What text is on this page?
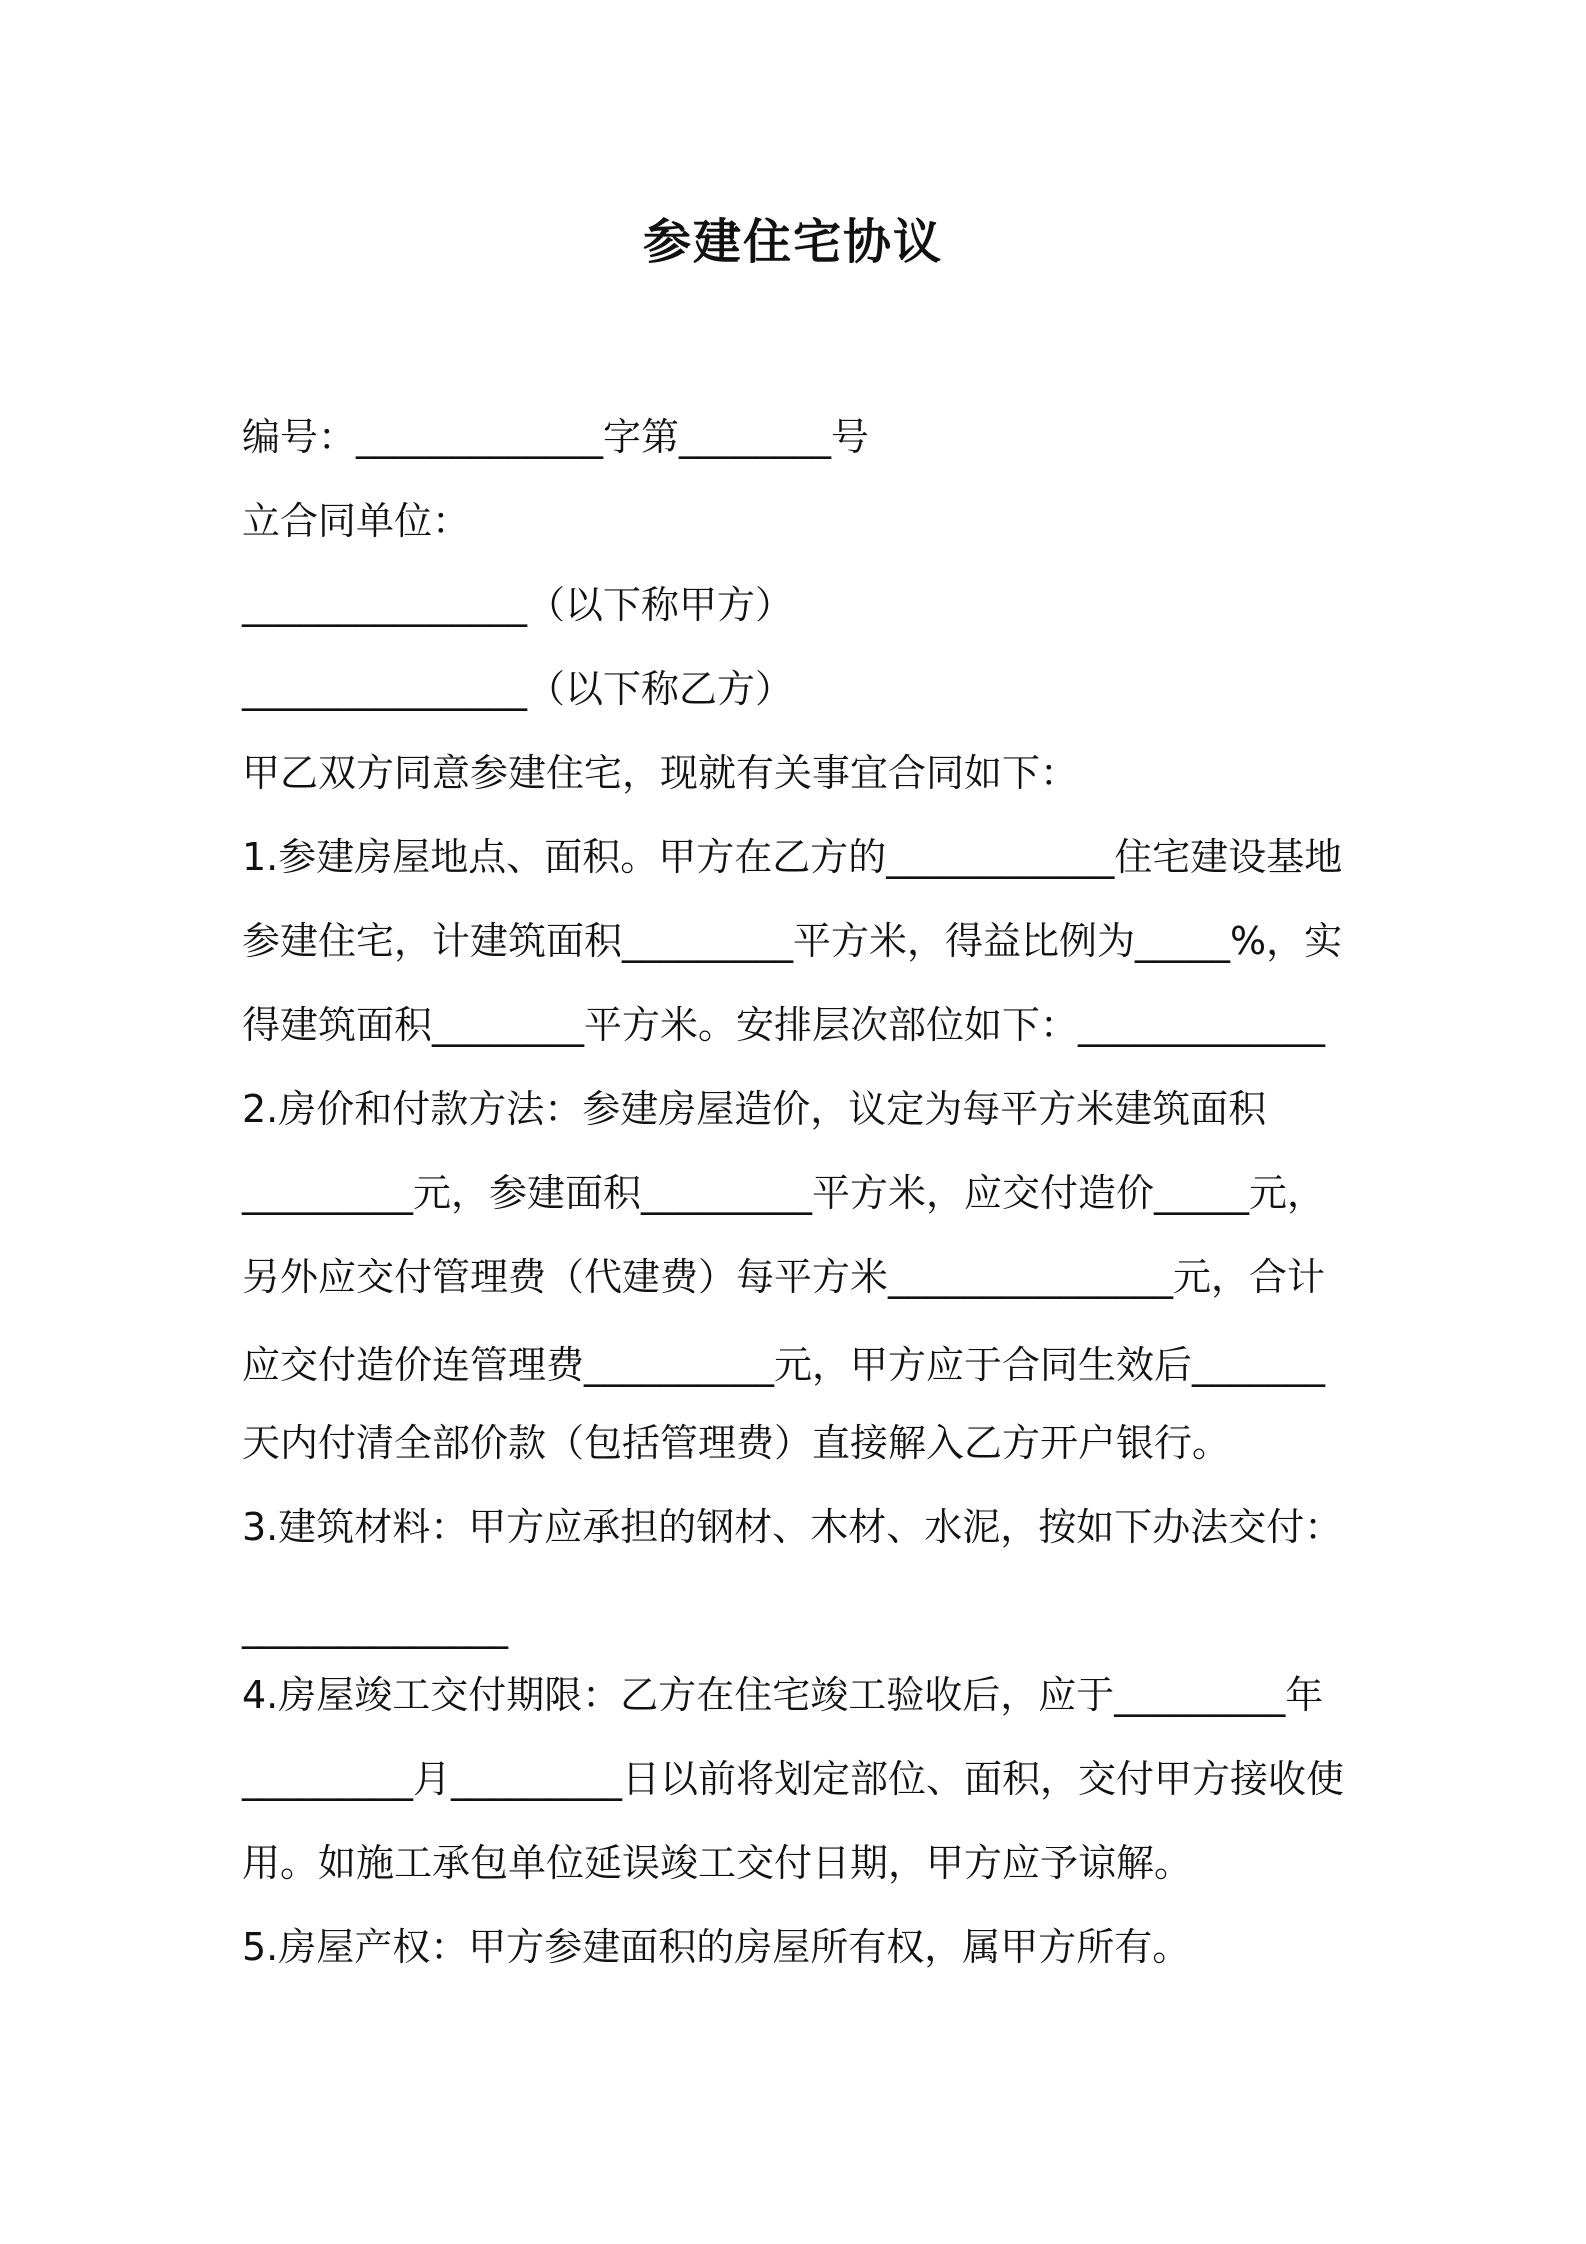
参建住宅协议
编号：_____________字第________号
立合同单位：
_______________（以下称甲方）
_______________（以下称乙方）
甲乙双方同意参建住宅，现就有关事宜合同如下：
1.参建房屋地点、面积。甲方在乙方的____________住宅建设基地
参建住宅，计建筑面积_________平方米，得益比例为_____%，实
得建筑面积________平方米。安排层次部位如下：_____________
2.房价和付款方法：参建房屋造价，议定为每平方米建筑面积
_________元，参建面积_________平方米，应交付造价_____元，
另外应交付管理费（代建费）每平方米_______________元，合计
应交付造价连管理费__________元，甲方应于合同生效后_______
天内付清全部价款（包括管理费）直接解入乙方开户银行。
3.建筑材料：甲方应承担的钢材、木材、水泥，按如下办法交付：
______________
4.房屋竣工交付期限：乙方在住宅竣工验收后，应于_________年
_________月_________日以前将划定部位、面积，交付甲方接收使
用。如施工承包单位延误竣工交付日期，甲方应予谅解。
5.房屋产权：甲方参建面积的房屋所有权，属甲方所有。
